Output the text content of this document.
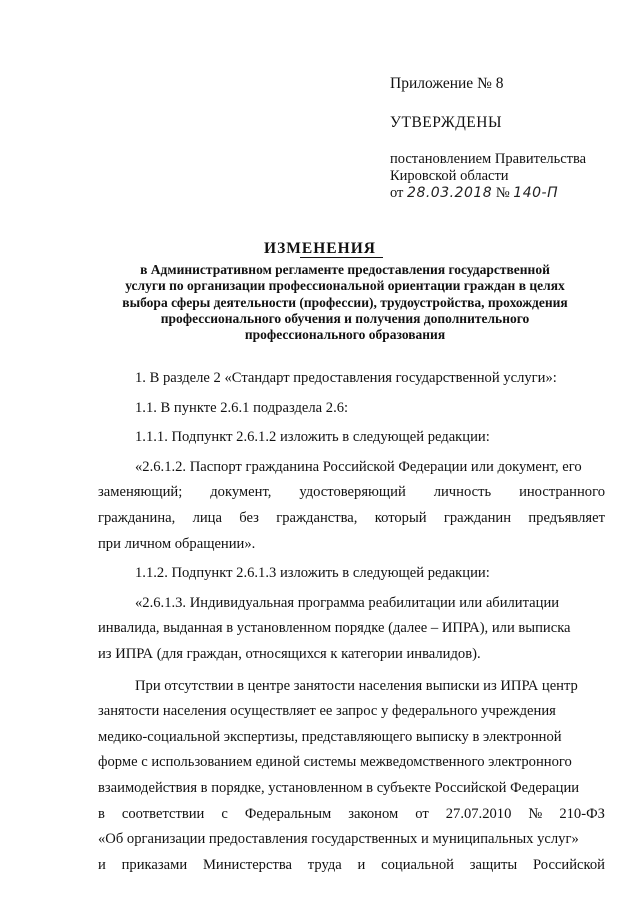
Приложение № 8
УТВЕРЖДЕНЫ
постановлением Правительства
Кировской области
от 28.03.2018 № 140-П
ИЗМЕНЕНИЯ
в Административном регламенте предоставления государственной
услуги по организации профессиональной ориентации граждан в целях
выбора сферы деятельности (профессии), трудоустройства, прохождения
профессионального обучения и получения дополнительного
профессионального образования

1. В разделе 2 «Стандарт предоставления государственной услуги»:

1.1. В пункте 2.6.1 подраздела 2.6:

1.1.1. Подпункт 2.6.1.2 изложить в следующей редакции:

«2.6.1.2. Паспорт гражданина Российской Федерации или документ, его

заменяющий; документ, удостоверяющий личность иностранного
гражданина, лица без гражданства, который гражданин предъявляет

при личном обращении».

1.1.2. Подпункт 2.6.1.3 изложить в следующей редакции:

«2.6.1.3. Индивидуальная программа реабилитации или абилитации

инвалида, выданная в установленном порядке (далее – ИПРА), или выписка

из ИПРА (для граждан, относящихся к категории инвалидов).

При отсутствии в центре занятости населения выписки из ИПРА центр

занятости населения осуществляет ее запрос у федерального учреждения

медико-социальной экспертизы, представляющего выписку в электронной

форме с использованием единой системы межведомственного электронного

взаимодействия в порядке, установленном в субъекте Российской Федерации

в соответствии с Федеральным законом от 27.07.2010 № 210-ФЗ

«Об организации предоставления государственных и муниципальных услуг»

и приказами Министерства труда и социальной защиты Российской
